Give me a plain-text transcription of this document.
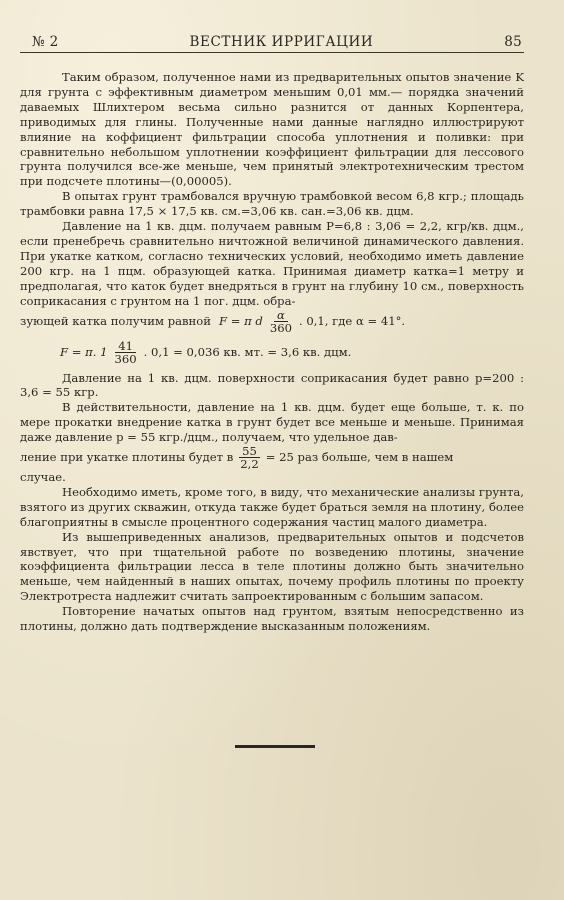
№ 2	ВЕСТНИК ИРРИГАЦИИ	85

Таким образом, полученное нами из предварительных опытов значение K для грунта с эффективным диаметром меньшим 0,01 мм.— порядка значений даваемых Шлихтером весьма сильно разнится от данных Корпентера, приводимых для глины. Полученные нами данные наглядно иллюстрируют влияние на коффициент фильтрации способа уплотнения и поливки: при сравнительно небольшом уплотнении коэффициент фильтрации для лессового грунта получился все-же меньше, чем принятый электротехническим трестом при подсчете плотины—(0,00005).

В опытах грунт трамбовался вручную трамбовкой весом 6,8 кгр.; площадь трамбовки равна 17,5 × 17,5 кв. см.=3,06 кв. сан.=3,06 кв. дцм.

Давление на 1 кв. дцм. получаем равным P=6,8 : 3,06 = 2,2, кгр/кв. дцм., если пренебречь сравнительно ничтожной величиной динамического давления. При укатке катком, согласно технических условий, необходимо иметь давление 200 кгр. на 1 пцм. образующей катка. Принимая диаметр катка=1 метру и предполагая, что каток будет внедряться в грунт на глубину 10 см., поверхность соприкасания с грунтом на 1 пог. дцм. обра-

зующей катка получим равной F = π d $\frac{\alpha}{360}$ . 0,1, где α = 41°.
F = π. $1 \frac{41}{360}$ . 0,1 = 0,036 кв. мт. = 3,6 кв. дцм.

Давление на 1 кв. дцм. поверхности соприкасания будет равно p=200 : 3,6 = 55 кгр.

В действительности, давление на 1 кв. дцм. будет еще больше, т. к. по мере прокатки внедрение катка в грунт будет все меньше и меньше. Принимая даже давление p = 55 кгр./дцм., получаем, что удельное дав-

ление при укатке плотины будет в $\frac{55}{2,2} = 25$ раз больше, чем в нашем

случае.

Необходимо иметь, кроме того, в виду, что механические анализы грунта, взятого из других скважин, откуда также будет браться земля на плотину, более благоприятны в смысле процентного содержания частиц малого диаметра.

Из вышеприведенных анализов, предварительных опытов и подсчетов явствует, что при тщательной работе по возведению плотины, значение коэффициента фильтрации лесса в теле плотины должно быть значительно меньше, чем найденный в наших опытах, почему профиль плотины по проекту Электротреста надлежит считать запроектированным с большим запасом.

Повторение начатых опытов над грунтом, взятым непосредственно из плотины, должно дать подтверждение высказанным положениям.
